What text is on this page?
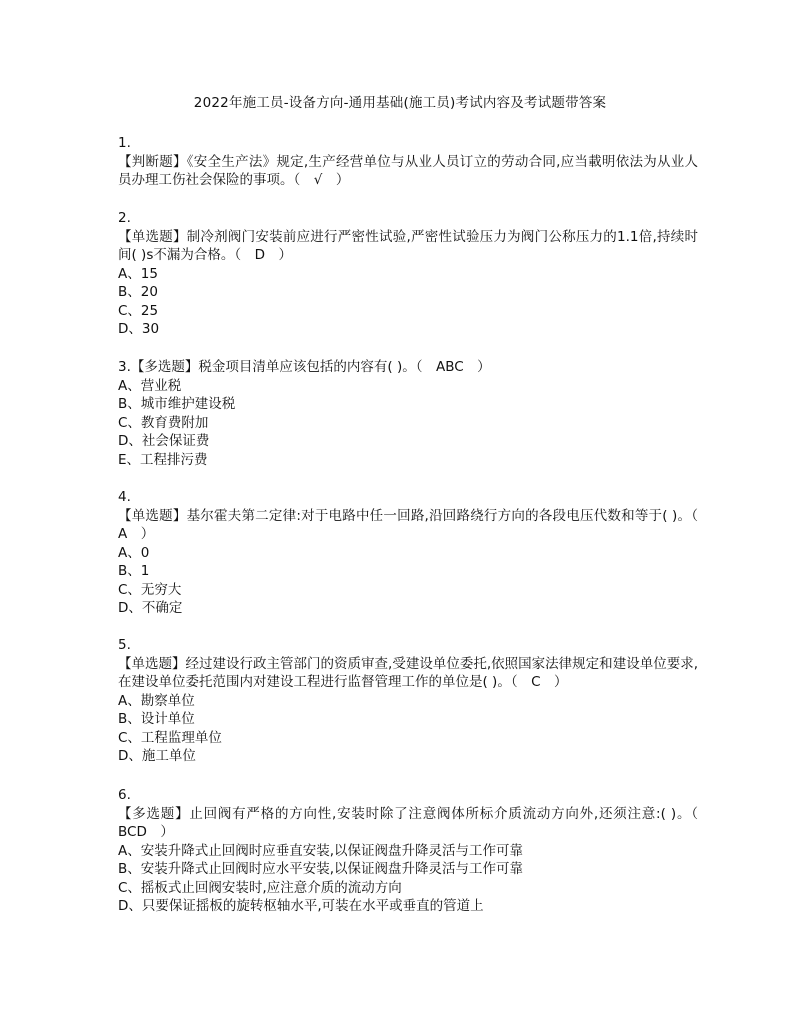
2022年施工员-设备方向-通用基础(施工员)考试内容及考试题带答案
1.

【判断题】《安全生产法》规定,生产经营单位与从业人员订立的劳动合同,应当載明依法为从业人员办理工伤社会保险的事项。（　√　）

2.

【单选题】制冷剂阀门安装前应进行严密性试验,严密性试验压力为阀门公称压力的1.1倍,持续时间( )s不漏为合格。（　D　）

A、15

B、20

C、25

D、30

3.【多选题】税金项目清单应该包括的内容有( )。（　ABC　）

A、营业税

B、城市维护建设税

C、教育费附加

D、社会保证费

E、工程排污费

4.

【单选题】基尔霍夫第二定律:对于电路中任一回路,沿回路绕行方向的各段电压代数和等于( )。（　A　）

A、0

B、1

C、无穷大

D、不确定

5.

【单选题】经过建设行政主管部门的资质审查,受建设单位委托,依照国家法律规定和建设单位要求,在建设单位委托范围内对建设工程进行监督管理工作的单位是( )。（　C　）

A、勘察单位

B、设计单位

C、工程监理单位

D、施工单位

6.

【多选题】止回阀有严格的方向性,安装时除了注意阀体所标介质流动方向外,还须注意:( )。（　BCD　）

A、安装升降式止回阀时应垂直安装,以保证阀盘升降灵活与工作可靠

B、安装升降式止回阀时应水平安装,以保证阀盘升降灵活与工作可靠

C、摇板式止回阀安装时,应注意介质的流动方向

D、只要保证摇板的旋转枢轴水平,可装在水平或垂直的管道上
